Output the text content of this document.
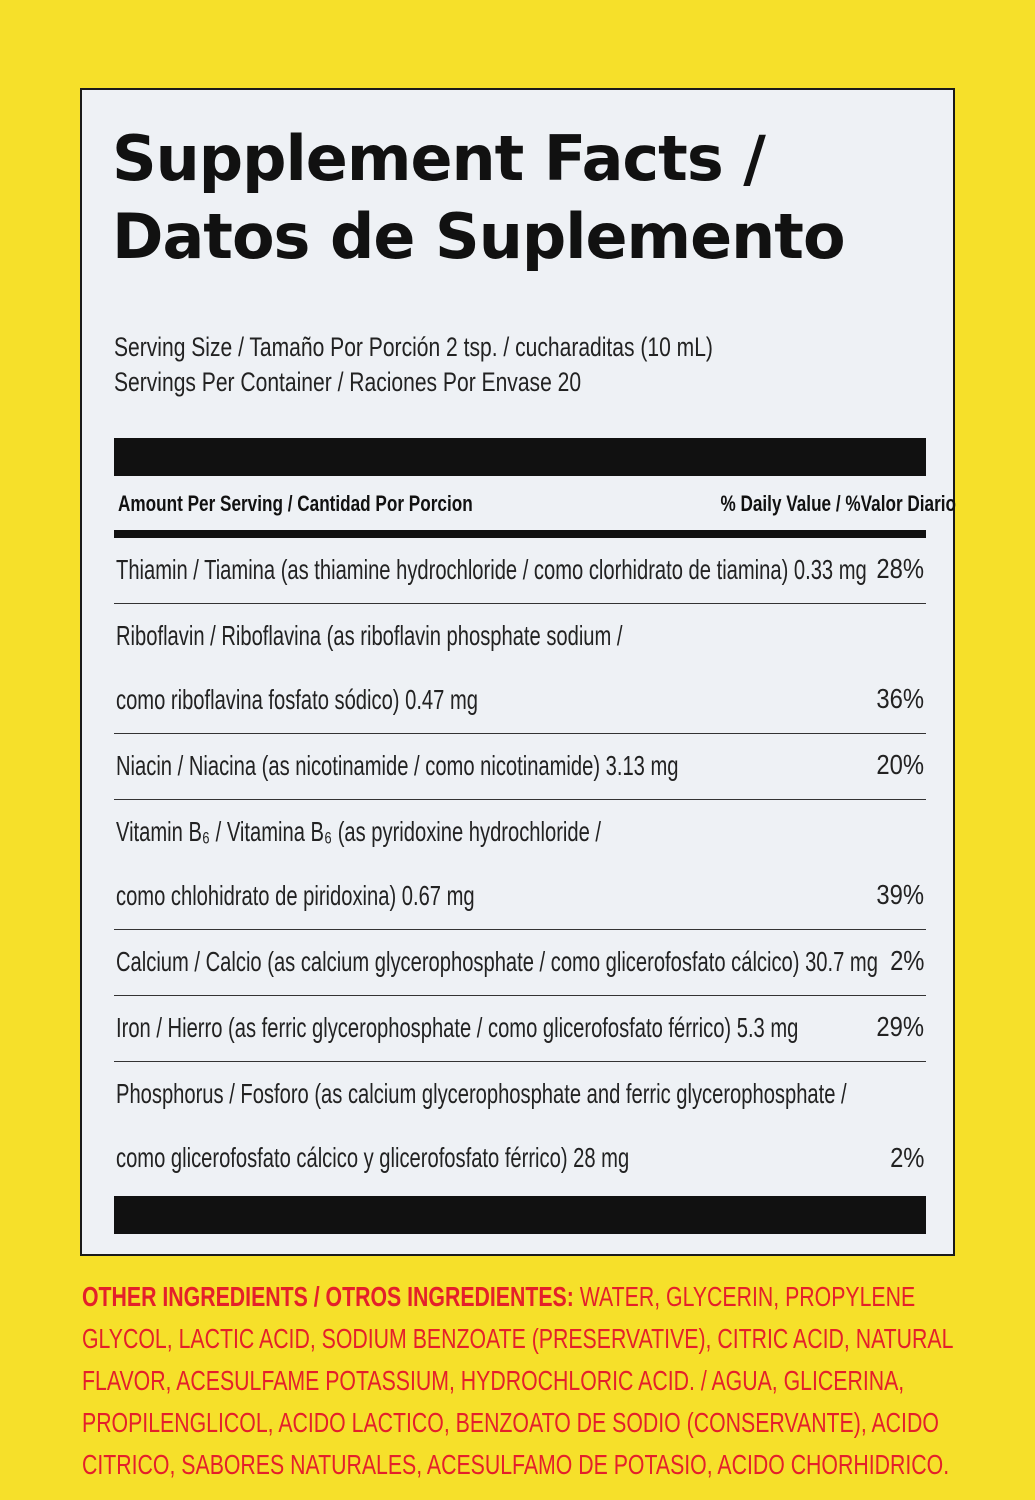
Supplement Facts /
Datos de Suplemento
Serving Size / Tamaño Por Porción 2 tsp. / cucharaditas (10 mL)
Servings Per Container / Raciones Por Envase 20
Amount Per Serving / Cantidad Por Porcion	% Daily Value / %Valor Diario
Thiamin / Tiamina (as thiamine hydrochloride / como clorhidrato de tiamina) 0.33 mg 28%
Riboflavin / Riboflavina (as riboflavin phosphate sodium /
como riboflavina fosfato sódico) 0.47 mg	36%
Niacin / Niacina (as nicotinamide / como nicotinamide) 3.13 mg	20%
Vitamin B₆ / Vitamina B₆ (as pyridoxine hydrochloride /
como chlohidrato de piridoxina) 0.67 mg	39%
Calcium / Calcio (as calcium glycerophosphate / como glicerofosfato cálcico) 30.7 mg 2%
Iron / Hierro (as ferric glycerophosphate / como glicerofosfato férrico) 5.3 mg	29%
Phosphorus / Fosforo (as calcium glycerophosphate and ferric glycerophosphate /
como glicerofosfato cálcico y glicerofosfato férrico) 28 mg	2%
OTHER INGREDIENTS / OTROS INGREDIENTES: WATER, GLYCERIN, PROPYLENE
GLYCOL, LACTIC ACID, SODIUM BENZOATE (PRESERVATIVE), CITRIC ACID, NATURAL
FLAVOR, ACESULFAME POTASSIUM, HYDROCHLORIC ACID. / AGUA, GLICERINA,
PROPILENGLICOL, ACIDO LACTICO, BENZOATO DE SODIO (CONSERVANTE), ACIDO
CITRICO, SABORES NATURALES, ACESULFAMO DE POTASIO, ACIDO CHORHIDRICO.
